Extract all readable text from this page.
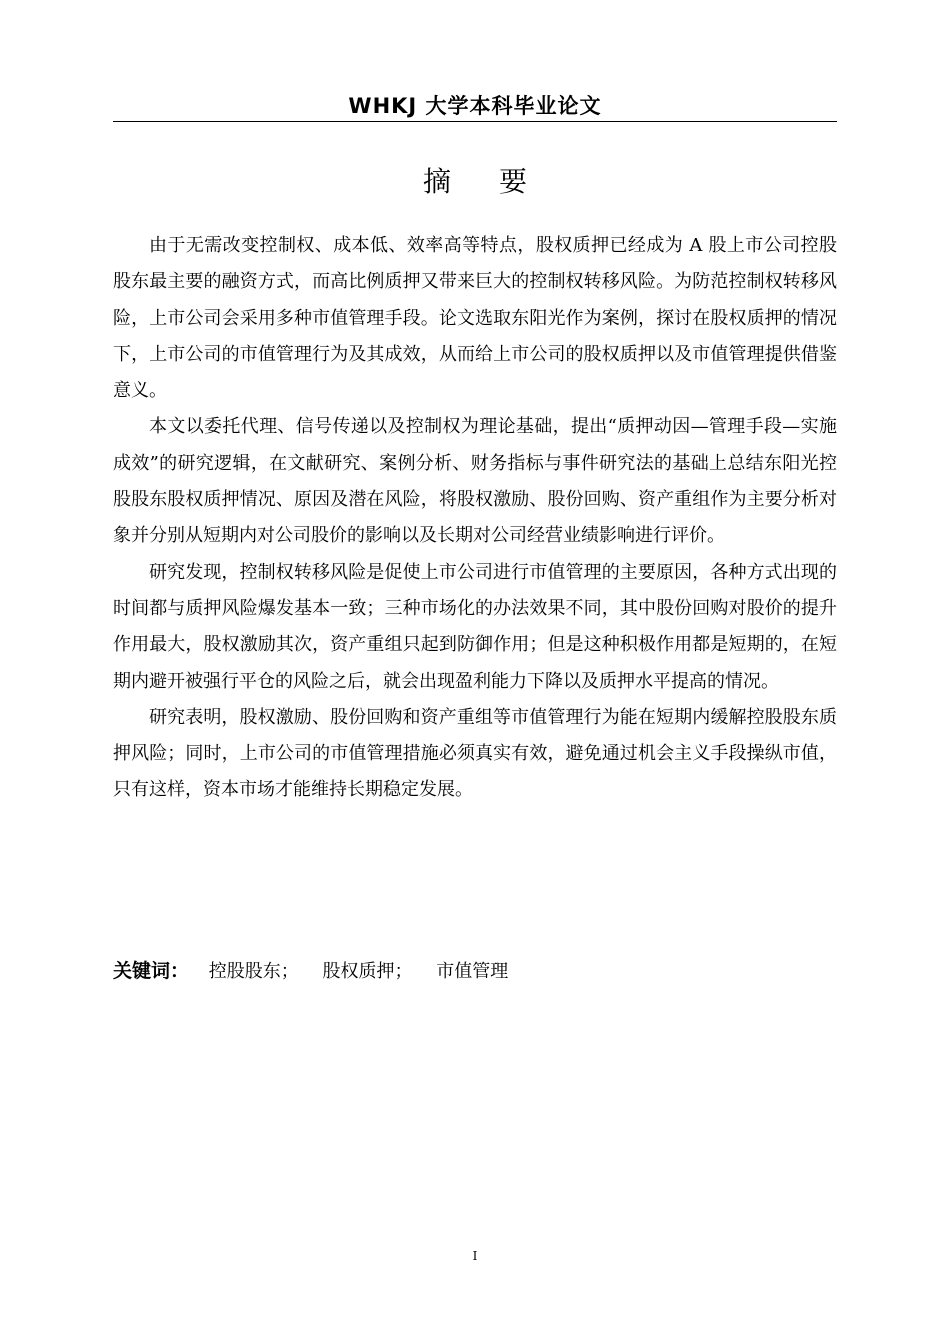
WHKJ 大学本科毕业论文
摘要

由于无需改变控制权、成本低、效率高等特点，股权质押已经成为 A 股上市公司控股股东最主要的融资方式，而高比例质押又带来巨大的控制权转移风险。为防范控制权转移风险，上市公司会采用多种市值管理手段。论文选取东阳光作为案例，探讨在股权质押的情况下，上市公司的市值管理行为及其成效，从而给上市公司的股权质押以及市值管理提供借鉴意义。

本文以委托代理、信号传递以及控制权为理论基础，提出“质押动因—管理手段—实施成效”的研究逻辑，在文献研究、案例分析、财务指标与事件研究法的基础上总结东阳光控股股东股权质押情况、原因及潜在风险，将股权激励、股份回购、资产重组作为主要分析对象并分别从短期内对公司股价的影响以及长期对公司经营业绩影响进行评价。

研究发现，控制权转移风险是促使上市公司进行市值管理的主要原因，各种方式出现的时间都与质押风险爆发基本一致；三种市场化的办法效果不同，其中股份回购对股价的提升作用最大，股权激励其次，资产重组只起到防御作用；但是这种积极作用都是短期的，在短期内避开被强行平仓的风险之后，就会出现盈利能力下降以及质押水平提高的情况。

研究表明，股权激励、股份回购和资产重组等市值管理行为能在短期内缓解控股股东质押风险；同时，上市公司的市值管理措施必须真实有效，避免通过机会主义手段操纵市值，只有这样，资本市场才能维持长期稳定发展。

关键词： 控股股东； 股权质押； 市值管理
I
